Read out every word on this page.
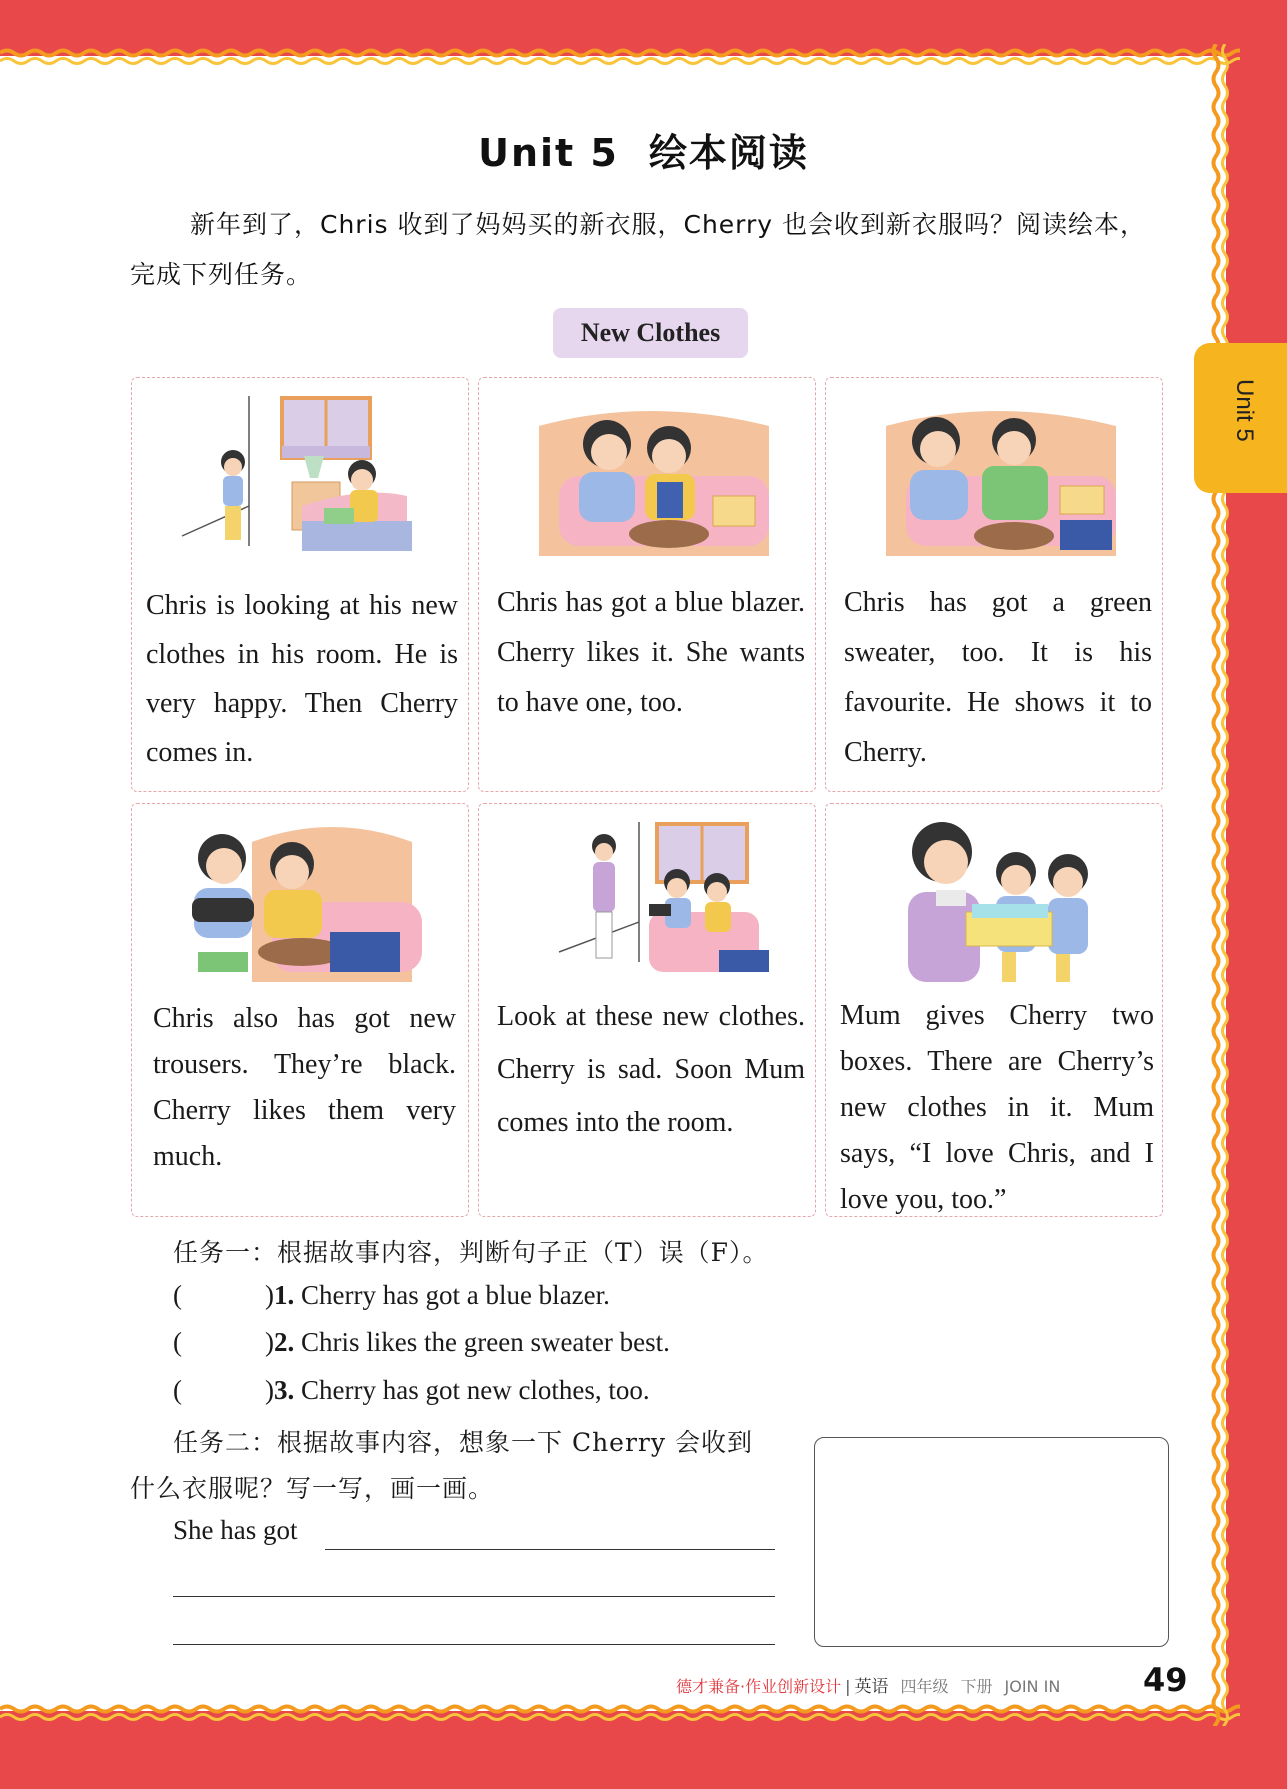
Unit 5
Unit 5 绘本阅读
新年到了，Chris 收到了妈妈买的新衣服，Cherry 也会收到新衣服吗？阅读绘本，完成下列任务。
New Clothes
Chris is looking at his new clothes in his room. He is very happy. Then Cherry comes in.
Chris has got a blue blazer. Cherry likes it. She wants to have one, too.
Chris has got a green sweater, too. It is his favourite. He shows it to Cherry.
Chris also has got new trousers. They’re black. Cherry likes them very much.
Look at these new clothes. Cherry is sad. Soon Mum comes into the room.
Mum gives Cherry two boxes. There are Cherry’s new clothes in it. Mum says, “I love Chris, and I love you, too.”
任务一：根据故事内容，判断句子正（T）误（F）。
(	)1. Cherry has got a blue blazer.
(	)2. Chris likes the green sweater best.
(	)3. Cherry has got new clothes, too.
任务二：根据故事内容，想象一下 Cherry 会收到
什么衣服呢？写一写，画一画。
She has got
德才兼备·作业创新设计 | 英语 四年级 下册 JOIN IN	49
